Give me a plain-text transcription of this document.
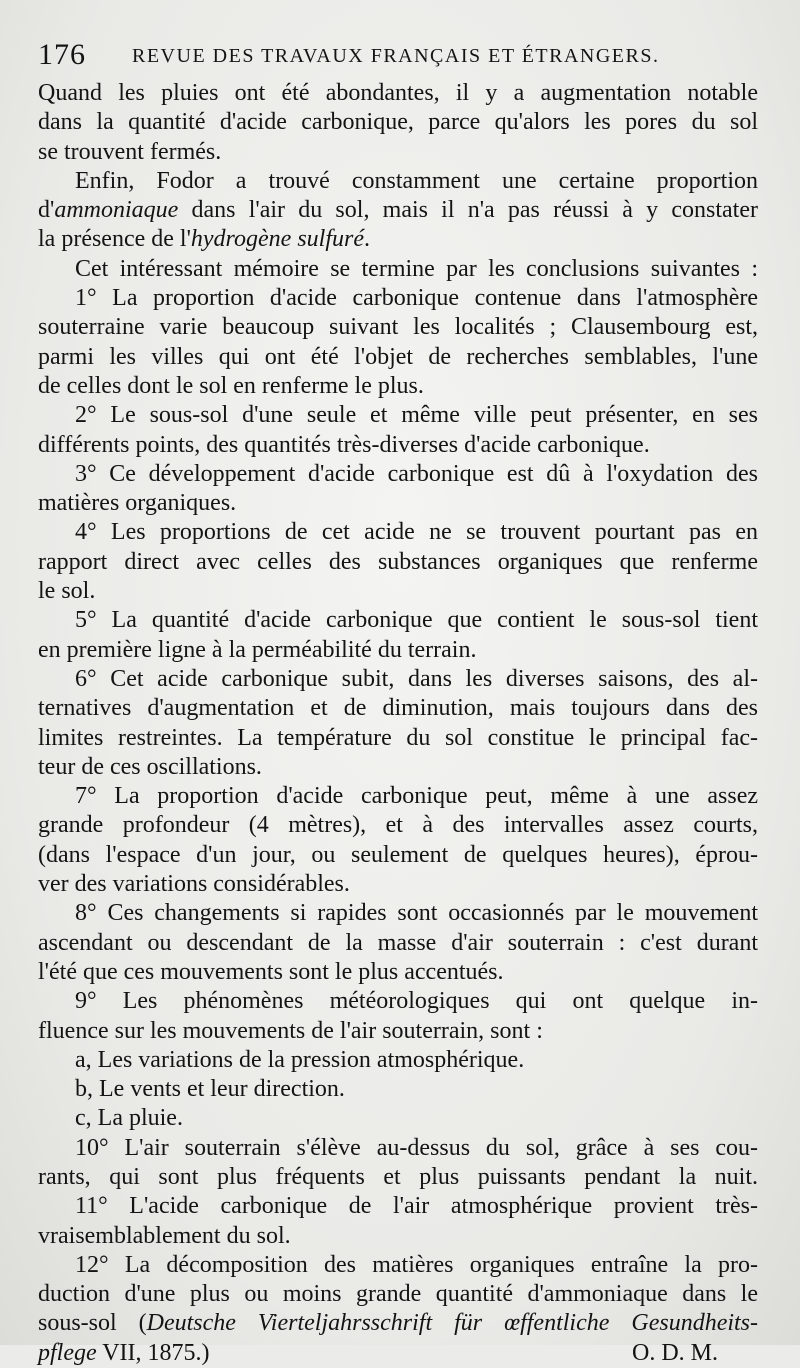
176 REVUE DES TRAVAUX FRANÇAIS ET ÉTRANGERS.
Quand les pluies ont été abondantes, il y a augmentation notable
dans la quantité d'acide carbonique, parce qu'alors les pores du sol
se trouvent fermés.
Enfin, Fodor a trouvé constamment une certaine proportion
d'ammoniaque dans l'air du sol, mais il n'a pas réussi à y constater
la présence de l'hydrogène sulfuré.
Cet intéressant mémoire se termine par les conclusions suivantes :
1° La proportion d'acide carbonique contenue dans l'atmosphère
souterraine varie beaucoup suivant les localités ; Clausembourg est,
parmi les villes qui ont été l'objet de recherches semblables, l'une
de celles dont le sol en renferme le plus.
2° Le sous-sol d'une seule et même ville peut présenter, en ses
différents points, des quantités très-diverses d'acide carbonique.
3° Ce développement d'acide carbonique est dû à l'oxydation des
matières organiques.
4° Les proportions de cet acide ne se trouvent pourtant pas en
rapport direct avec celles des substances organiques que renferme
le sol.
5° La quantité d'acide carbonique que contient le sous-sol tient
en première ligne à la perméabilité du terrain.
6° Cet acide carbonique subit, dans les diverses saisons, des al-
ternatives d'augmentation et de diminution, mais toujours dans des
limites restreintes. La température du sol constitue le principal fac-
teur de ces oscillations.
7° La proportion d'acide carbonique peut, même à une assez
grande profondeur (4 mètres), et à des intervalles assez courts,
(dans l'espace d'un jour, ou seulement de quelques heures), éprou-
ver des variations considérables.
8° Ces changements si rapides sont occasionnés par le mouvement
ascendant ou descendant de la masse d'air souterrain : c'est durant
l'été que ces mouvements sont le plus accentués.
9° Les phénomènes météorologiques qui ont quelque in-
fluence sur les mouvements de l'air souterrain, sont :
a, Les variations de la pression atmosphérique.
b, Le vents et leur direction.
c, La pluie.
10° L'air souterrain s'élève au-dessus du sol, grâce à ses cou-
rants, qui sont plus fréquents et plus puissants pendant la nuit.
11° L'acide carbonique de l'air atmosphérique provient très-
vraisemblablement du sol.
12° La décomposition des matières organiques entraîne la pro-
duction d'une plus ou moins grande quantité d'ammoniaque dans le
sous-sol (Deutsche Vierteljahrsschrift für œffentliche Gesundheits-
pflege VII, 1875.)	O. D. M.
